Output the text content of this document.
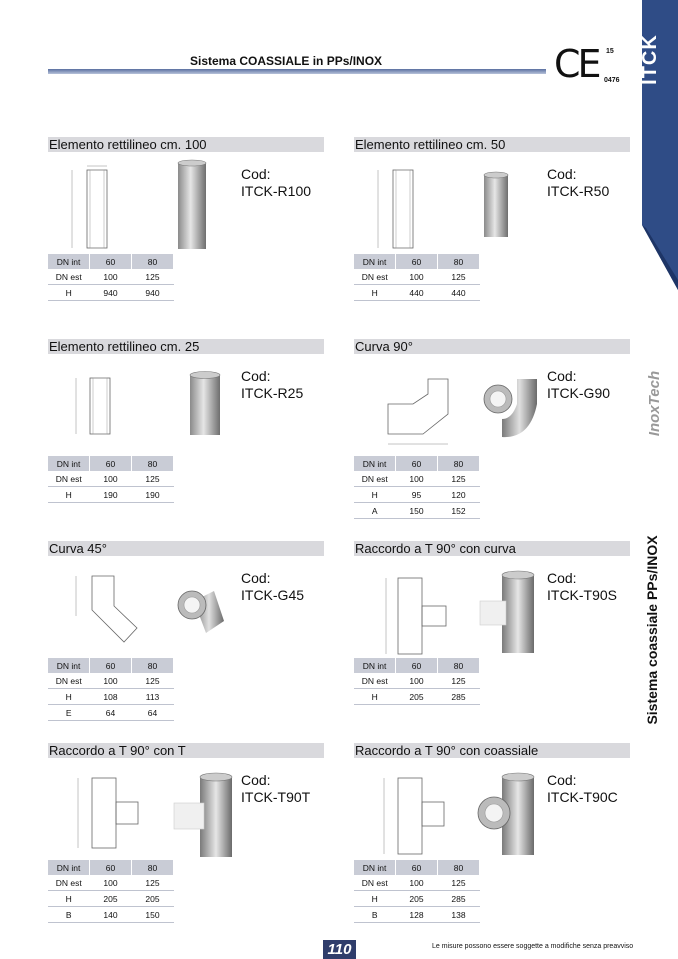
Sistema COASSIALE in PPs/INOX	CE 15
0476 ITCK
InoxTech
Sistema coassiale PPs/INOX
Elemento rettilineo cm. 100
Cod:
ITCK-R100
DN int	60	80
DN est	100	125
H	940	940
Elemento rettilineo cm. 50
Cod:
ITCK-R50
DN int	60	80
DN est	100	125
H	440	440
Elemento rettilineo cm. 25
Cod:
ITCK-R25
DN int	60	80
DN est	100	125
H	190	190
Curva 90°
Cod:
ITCK-G90
DN int	60	80
DN est	100	125
H	95	120
A	150	152
Curva 45°
Cod:
ITCK-G45
DN int	60	80
DN est	100	125
H	108	113
E	64	64
Raccordo a T 90° con curva
Cod:
ITCK-T90S
DN int	60	80
DN est	100	125
H	205	285
Raccordo a T 90° con T
Cod:
ITCK-T90T
DN int	60	80
DN est	100	125
H	205	205
B	140	150
Raccordo a T 90° con coassiale
Cod:
ITCK-T90C
DN int	60	80
DN est	100	125
H	205	285
B	128	138
110	Le misure possono essere soggette a modifiche senza preavviso
